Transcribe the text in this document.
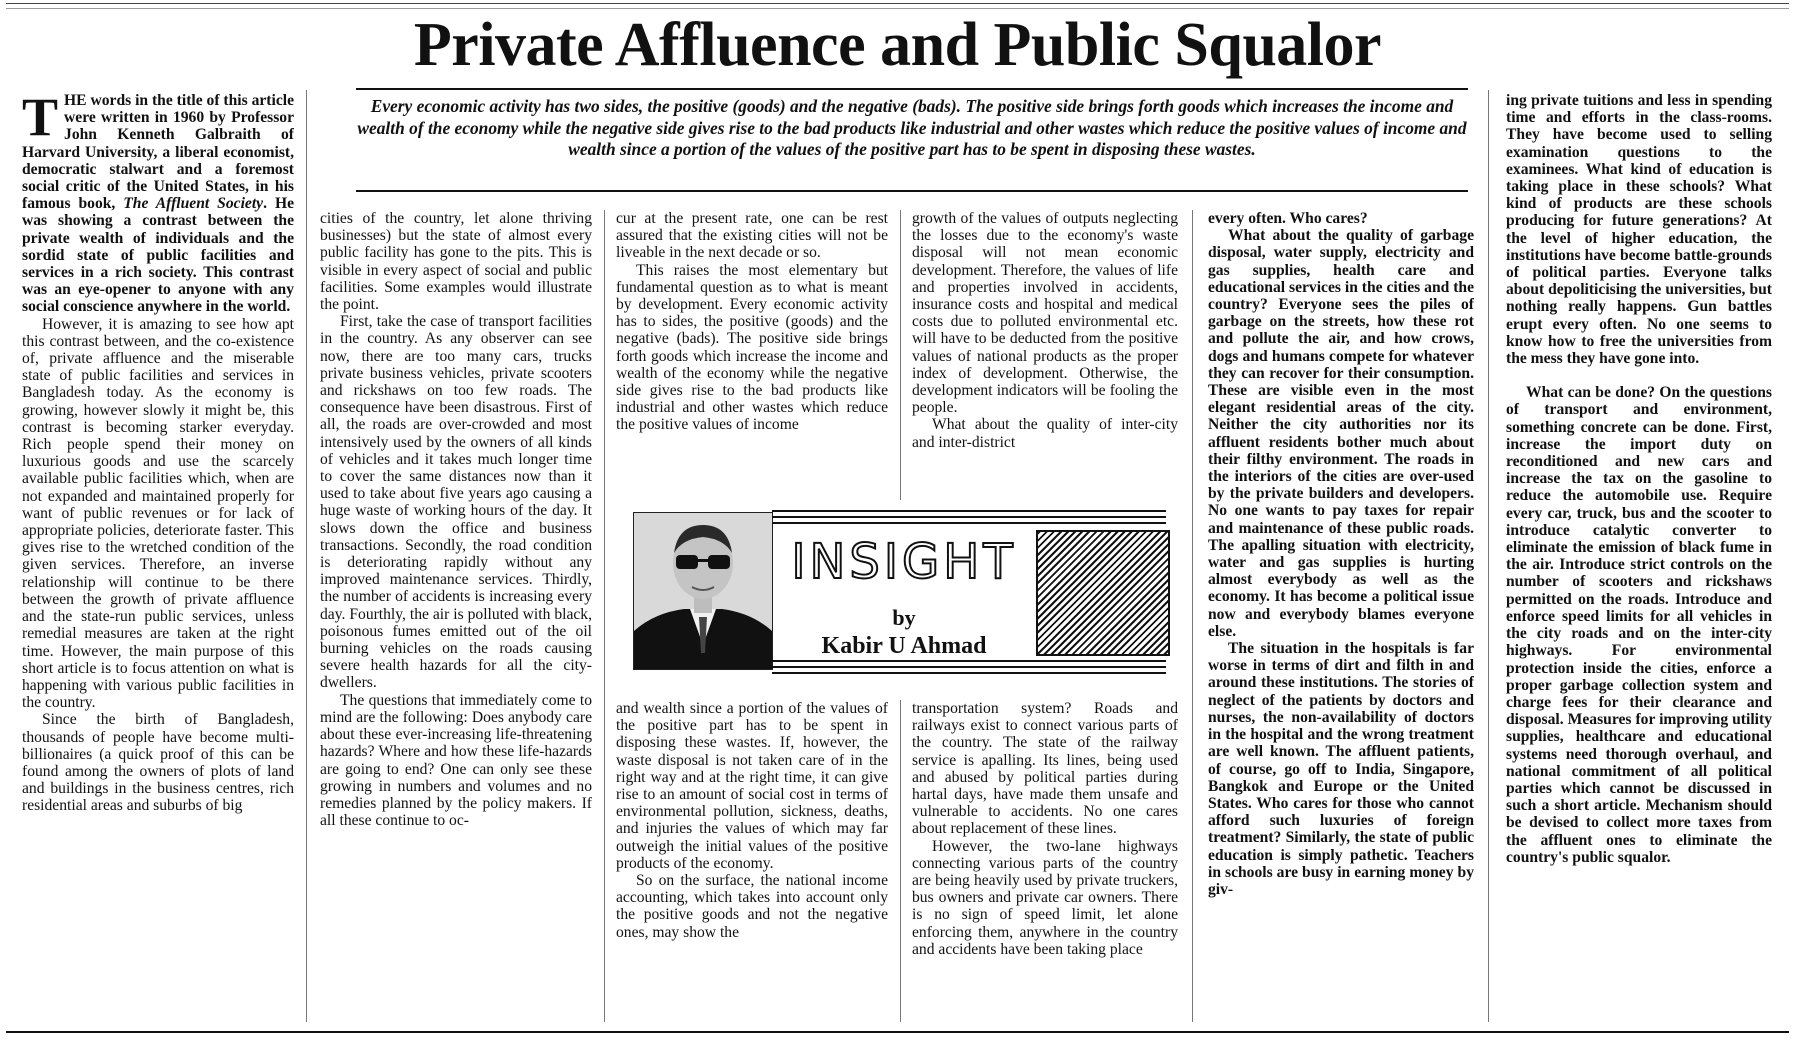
Private Affluence and Public Squalor

THE words in the title of this article were written in 1960 by Professor John Kenneth Galbraith of Harvard University, a liberal economist, democratic stalwart and a foremost social critic of the United States, in his famous book, The Affluent Society. He was showing a contrast between the private wealth of individuals and the sordid state of public facilities and services in a rich society. This contrast was an eye-opener to anyone with any social conscience anywhere in the world.

However, it is amazing to see how apt this contrast between, and the co-existence of, private affluence and the miserable state of public facilities and services in Bangladesh today. As the economy is growing, however slowly it might be, this contrast is becoming starker everyday. Rich people spend their money on luxurious goods and use the scarcely available public facilities which, when are not expanded and maintained properly for want of public revenues or for lack of appropriate policies, deteriorate faster. This gives rise to the wretched condition of the given services. Therefore, an inverse relationship will continue to be there between the growth of private affluence and the state-run public services, unless remedial measures are taken at the right time. However, the main purpose of this short article is to focus attention on what is happening with various public facilities in the country.

Since the birth of Bangladesh, thousands of people have become multi-billionaires (a quick proof of this can be found among the owners of plots of land and buildings in the business centres, rich residential areas and suburbs of big

Every economic activity has two sides, the positive (goods) and the negative (bads). The positive side brings forth goods which increases the income and wealth of the economy while the negative side gives rise to the bad products like industrial and other wastes which reduce the positive values of income and wealth since a portion of the values of the positive part has to be spent in disposing these wastes.

cities of the country, let alone thriving businesses) but the state of almost every public facility has gone to the pits. This is visible in every aspect of social and public facilities. Some examples would illustrate the point.

First, take the case of transport facilities in the country. As any observer can see now, there are too many cars, trucks private business vehicles, private scooters and rickshaws on too few roads. The consequence have been disastrous. First of all, the roads are over-crowded and most intensively used by the owners of all kinds of vehicles and it takes much longer time to cover the same distances now than it used to take about five years ago causing a huge waste of working hours of the day. It slows down the office and business transactions. Secondly, the road condition is deteriorating rapidly without any improved maintenance services. Thirdly, the number of accidents is increasing every day. Fourthly, the air is polluted with black, poisonous fumes emitted out of the oil burning vehicles on the roads causing severe health hazards for all the city-dwellers.

The questions that immediately come to mind are the following: Does anybody care about these ever-increasing life-threatening hazards? Where and how these life-hazards are going to end? One can only see these growing in numbers and volumes and no remedies planned by the policy makers. If all these continue to oc-

cur at the present rate, one can be rest assured that the existing cities will not be liveable in the next decade or so.

This raises the most elementary but fundamental question as to what is meant by development. Every economic activity has to sides, the positive (goods) and the negative (bads). The positive side brings forth goods which increase the income and wealth of the economy while the negative side gives rise to the bad products like industrial and other wastes which reduce the positive values of income

growth of the values of outputs neglecting the losses due to the economy's waste disposal will not mean economic development. Therefore, the values of life and properties involved in accidents, insurance costs and hospital and medical costs due to polluted environmental etc. will have to be deducted from the positive values of national products as the proper index of development. Otherwise, the development indicators will be fooling the people.

What about the quality of inter-city and inter-district

INSIGHT
by
Kabir U Ahmad

and wealth since a portion of the values of the positive part has to be spent in disposing these wastes. If, however, the waste disposal is not taken care of in the right way and at the right time, it can give rise to an amount of social cost in terms of environmental pollution, sickness, deaths, and injuries the values of which may far outweigh the initial values of the positive products of the economy.

So on the surface, the national income accounting, which takes into account only the positive goods and not the negative ones, may show the

transportation system? Roads and railways exist to connect various parts of the country. The state of the railway service is apalling. Its lines, being used and abused by political parties during hartal days, have made them unsafe and vulnerable to accidents. No one cares about replacement of these lines.

However, the two-lane highways connecting various parts of the country are being heavily used by private truckers, bus owners and private car owners. There is no sign of speed limit, let alone enforcing them, anywhere in the country and accidents have been taking place

every often. Who cares?

What about the quality of garbage disposal, water supply, electricity and gas supplies, health care and educational services in the cities and the country? Everyone sees the piles of garbage on the streets, how these rot and pollute the air, and how crows, dogs and humans compete for whatever they can recover for their consumption. These are visible even in the most elegant residential areas of the city. Neither the city authorities nor its affluent residents bother much about their filthy environment. The roads in the interiors of the cities are over-used by the private builders and developers. No one wants to pay taxes for repair and maintenance of these public roads. The apalling situation with electricity, water and gas supplies is hurting almost everybody as well as the economy. It has become a political issue now and everybody blames everyone else.

The situation in the hospitals is far worse in terms of dirt and filth in and around these institutions. The stories of neglect of the patients by doctors and nurses, the non-availability of doctors in the hospital and the wrong treatment are well known. The affluent patients, of course, go off to India, Singapore, Bangkok and Europe or the United States. Who cares for those who cannot afford such luxuries of foreign treatment? Similarly, the state of public education is simply pathetic. Teachers in schools are busy in earning money by giv-

ing private tuitions and less in spending time and efforts in the class-rooms. They have become used to selling examination questions to the examinees. What kind of education is taking place in these schools? What kind of products are these schools producing for future generations? At the level of higher education, the institutions have become battle-grounds of political parties. Everyone talks about depoliticising the universities, but nothing really happens. Gun battles erupt every often. No one seems to know how to free the universities from the mess they have gone into.

What can be done? On the questions of transport and environment, something concrete can be done. First, increase the import duty on reconditioned and new cars and increase the tax on the gasoline to reduce the automobile use. Require every car, truck, bus and the scooter to introduce catalytic converter to eliminate the emission of black fume in the air. Introduce strict controls on the number of scooters and rickshaws permitted on the roads. Introduce and enforce speed limits for all vehicles in the city roads and on the inter-city highways. For environmental protection inside the cities, enforce a proper garbage collection system and charge fees for their clearance and disposal. Measures for improving utility supplies, healthcare and educational systems need thorough overhaul, and national commitment of all political parties which cannot be discussed in such a short article. Mechanism should be devised to collect more taxes from the affluent ones to eliminate the country's public squalor.
